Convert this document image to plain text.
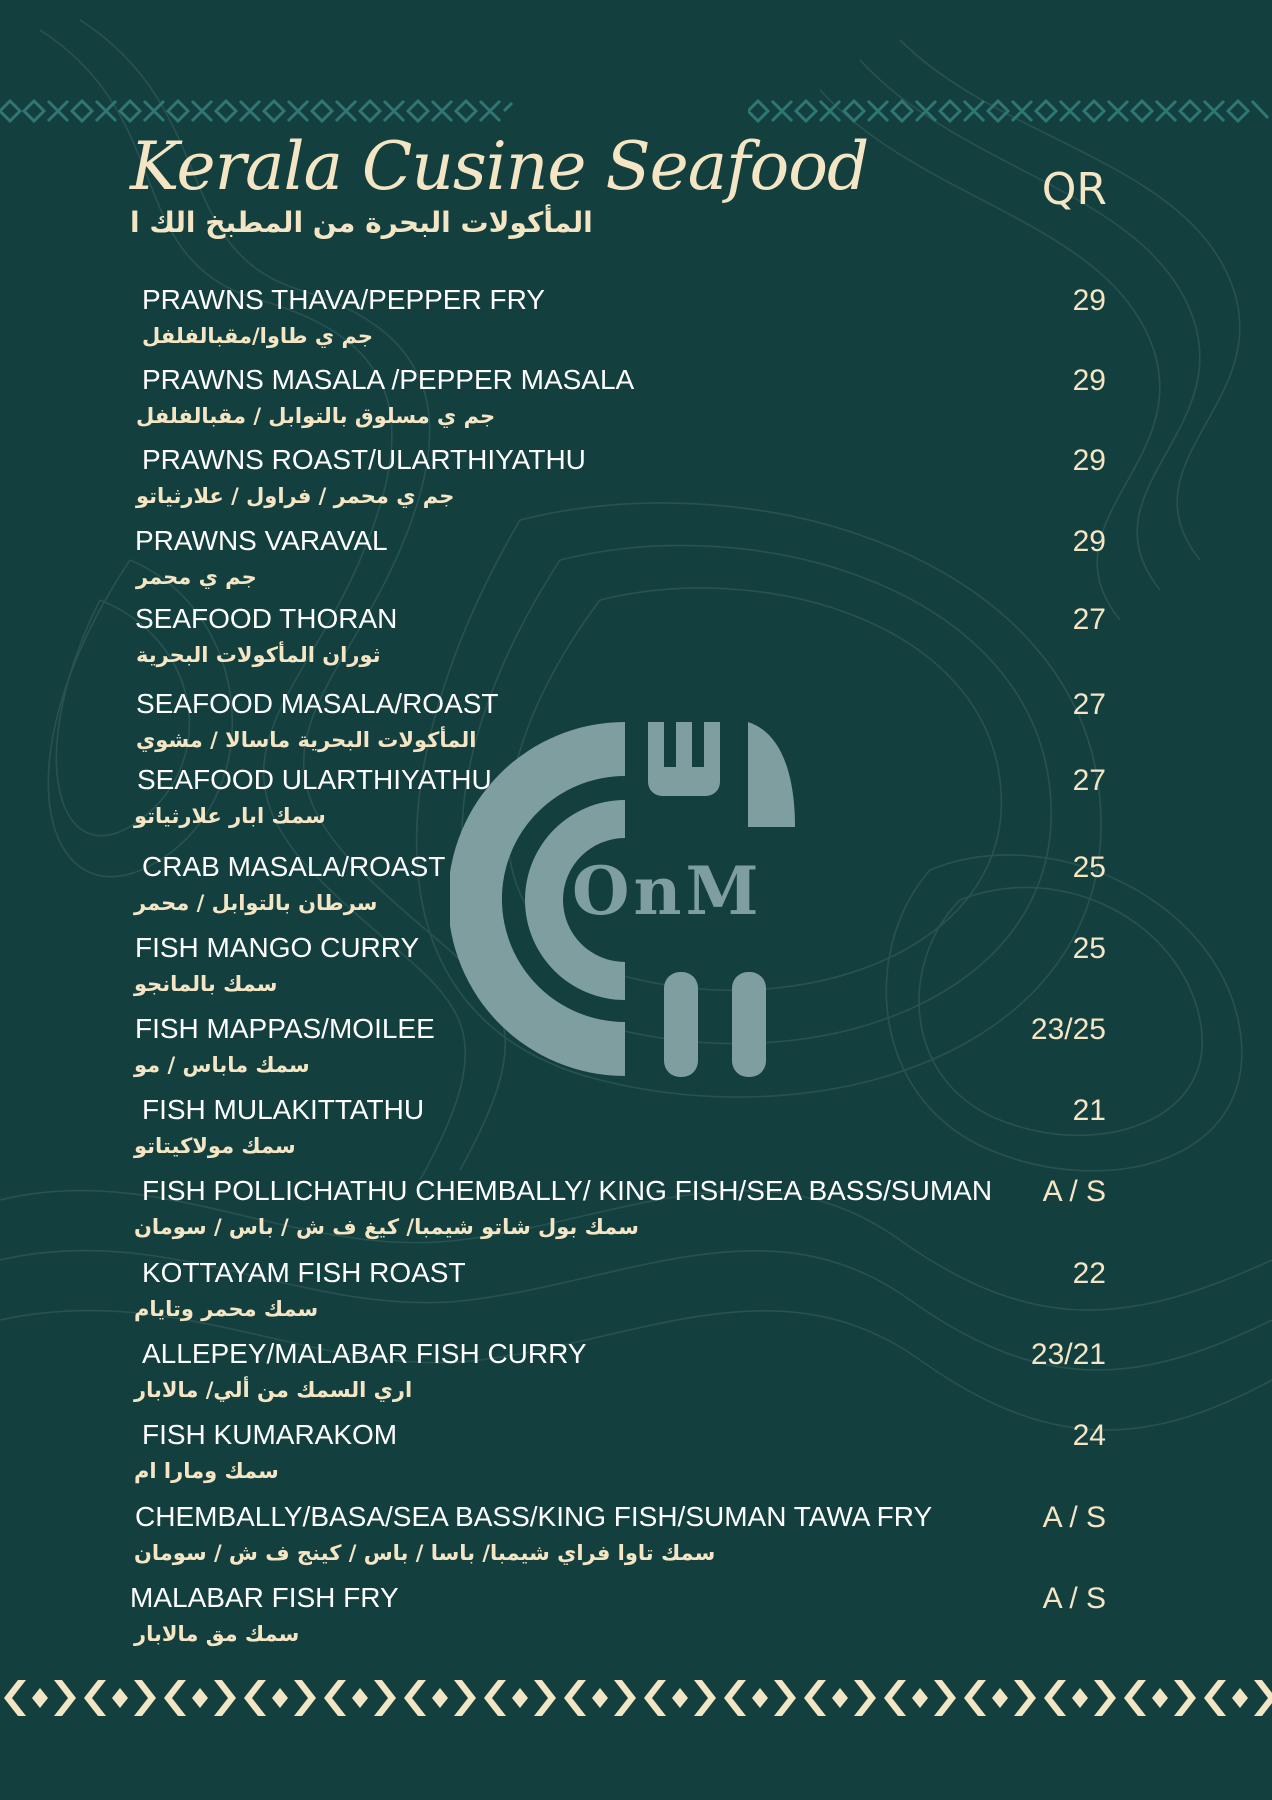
Kerala Cusine Seafood
المأكولات البحرة من المطبخ الك ا
QR
OnM
PRAWNS THAVA/PEPPER FRY
جم ي طاوا/مقبالفلفل
29
PRAWNS MASALA /PEPPER MASALA
جم ي مسلوق بالتوابل / مقبالفلفل
29
PRAWNS ROAST/ULARTHIYATHU
جم ي محمر / فراول / علارثياتو
29
PRAWNS VARAVAL
جم ي محمر
29
SEAFOOD THORAN
ثوران المأكولات البحرية
27
SEAFOOD MASALA/ROAST
المأكولات البحرية ماسالا / مشوي
27
SEAFOOD ULARTHIYATHU
سمك ابار علارثياتو
27
CRAB MASALA/ROAST
سرطان بالتوابل / محمر
25
FISH MANGO CURRY
سمك بالمانجو
25
FISH MAPPAS/MOILEE
سمك ماباس / مو
23/25
FISH MULAKITTATHU
سمك مولاكيتاتو
21
FISH POLLICHATHU CHEMBALLY/ KING FISH/SEA BASS/SUMAN
سمك بول شاتو شيمبا/ كيغ ف ش / باس / سومان
A / S
KOTTAYAM FISH ROAST
سمك محمر وتايام
22
ALLEPEY/MALABAR FISH CURRY
اري السمك من ألي/ مالابار
23/21
FISH KUMARAKOM
سمك ومارا ام
24
CHEMBALLY/BASA/SEA BASS/KING FISH/SUMAN TAWA FRY
سمك تاوا فراي شيمبا/ باسا / باس / كينج ف ش / سومان
A / S
MALABAR FISH FRY
سمك مق مالابار
A / S
